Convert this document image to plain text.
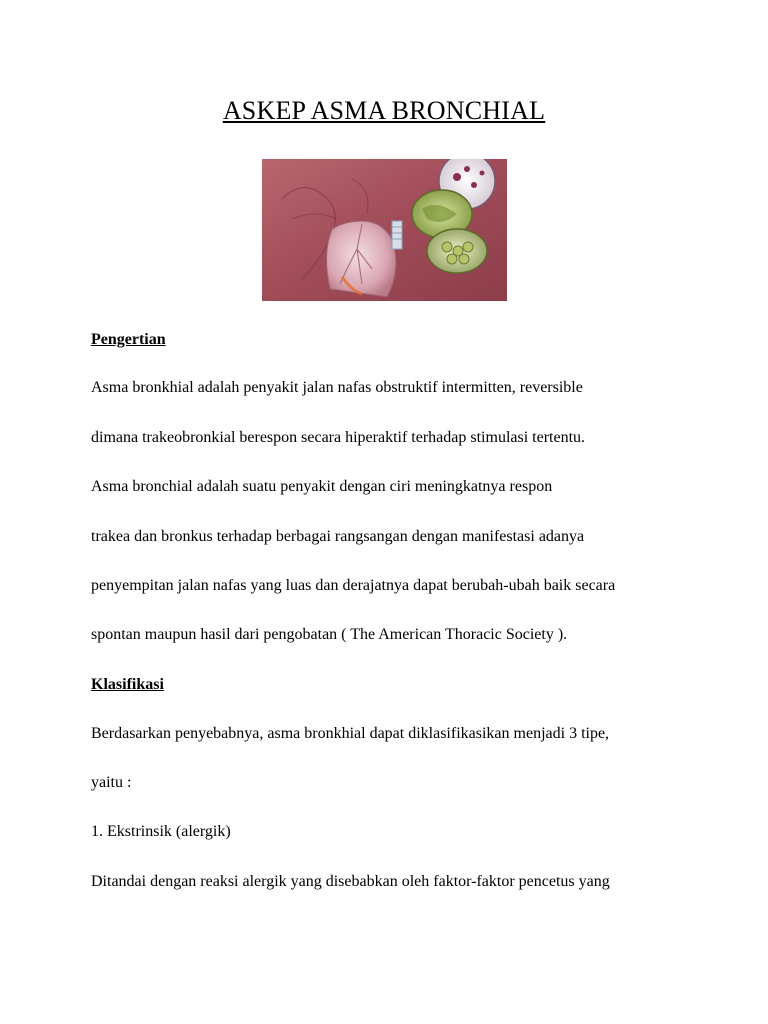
ASKEP ASMA BRONCHIAL
Pengertian
Asma bronkhial adalah penyakit jalan nafas obstruktif intermitten, reversible
dimana trakeobronkial berespon secara hiperaktif terhadap stimulasi tertentu.
Asma bronchial adalah suatu penyakit dengan ciri meningkatnya respon
trakea dan bronkus terhadap berbagai rangsangan dengan manifestasi adanya
penyempitan jalan nafas yang luas dan derajatnya dapat berubah-ubah baik secara
spontan maupun hasil dari pengobatan ( The American Thoracic Society ).
Klasifikasi
Berdasarkan penyebabnya, asma bronkhial dapat diklasifikasikan menjadi 3 tipe,
yaitu :
1. Ekstrinsik (alergik)
Ditandai dengan reaksi alergik yang disebabkan oleh faktor-faktor pencetus yang
